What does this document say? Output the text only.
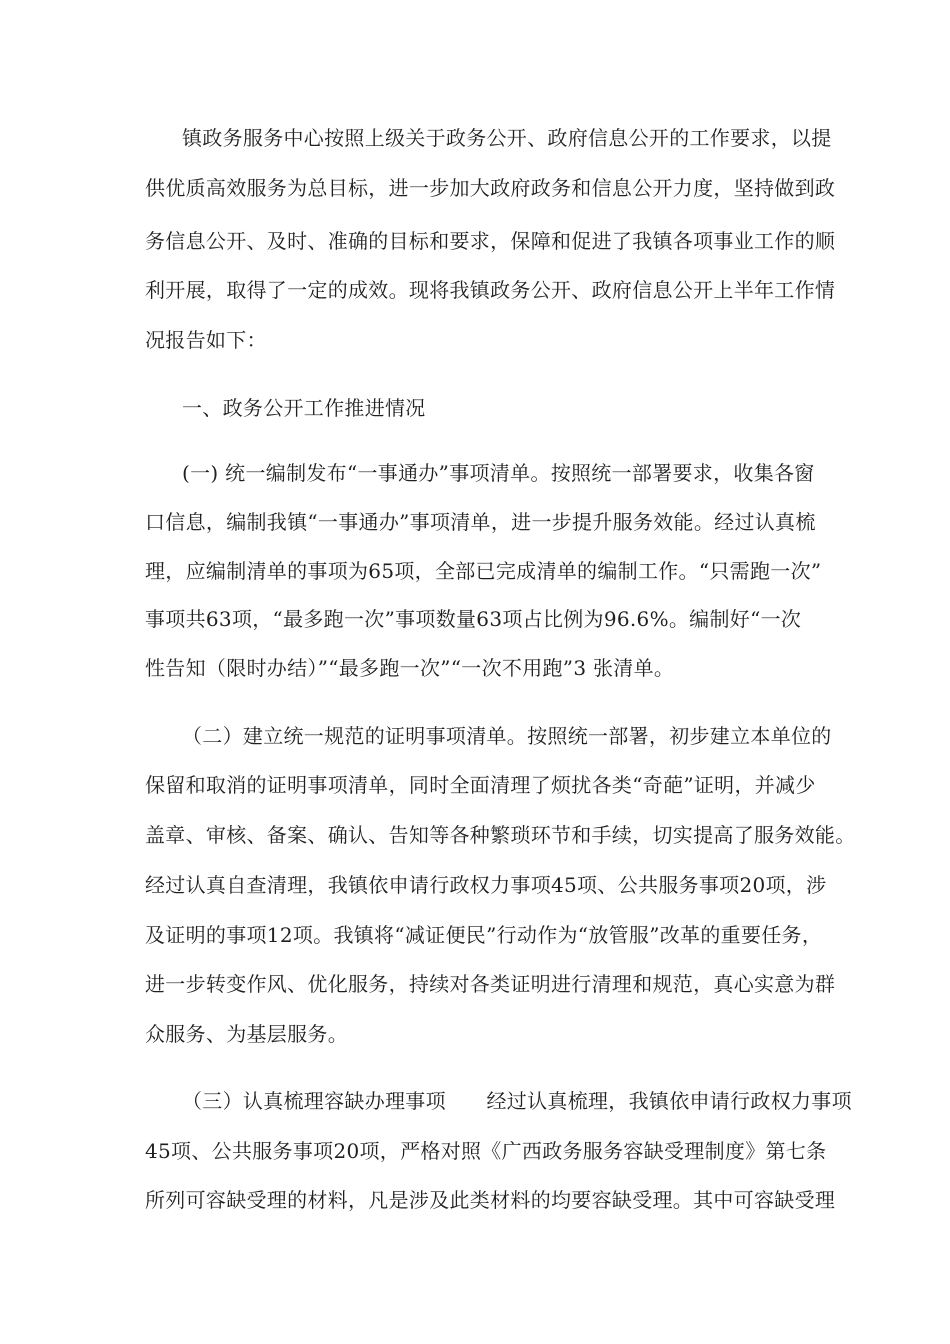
镇政务服务中心按照上级关于政务公开、政府信息公开的工作要求，以提
供优质高效服务为总目标，进一步加大政府政务和信息公开力度，坚持做到政
务信息公开、及时、准确的目标和要求，保障和促进了我镇各项事业工作的顺
利开展，取得了一定的成效。现将我镇政务公开、政府信息公开上半年工作情
况报告如下：
一、政务公开工作推进情况
(一) 统一编制发布“一事通办”事项清单。按照统一部署要求，收集各窗
口信息，编制我镇“一事通办”事项清单，进一步提升服务效能。经过认真梳
理，应编制清单的事项为65项，全部已完成清单的编制工作。“只需跑一次”
事项共63项，“最多跑一次”事项数量63项占比例为96.6%。编制好“一次
性告知（限时办结）”“最多跑一次”“一次不用跑”3 张清单。
（二）建立统一规范的证明事项清单。按照统一部署，初步建立本单位的
保留和取消的证明事项清单，同时全面清理了烦扰各类“奇葩”证明，并减少
盖章、审核、备案、确认、告知等各种繁琐环节和手续，切实提高了服务效能。
经过认真自查清理，我镇依申请行政权力事项45项、公共服务事项20项，涉
及证明的事项12项。我镇将“减证便民”行动作为“放管服”改革的重要任务，
进一步转变作风、优化服务，持续对各类证明进行清理和规范，真心实意为群
众服务、为基层服务。
（三）认真梳理容缺办理事项　　经过认真梳理，我镇依申请行政权力事项
45项、公共服务事项20项，严格对照《广西政务服务容缺受理制度》第七条
所列可容缺受理的材料，凡是涉及此类材料的均要容缺受理。其中可容缺受理
